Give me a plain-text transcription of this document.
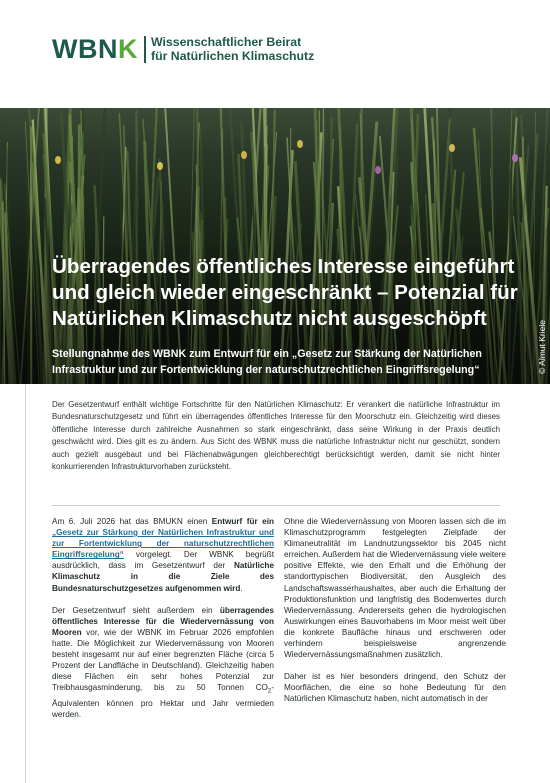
WBNK Wissenschaftlicher Beirat
für Natürlichen Klimaschutz
Überragendes öffentliches Interesse eingeführt
und gleich wieder eingeschränkt – Potenzial für
Natürlichen Klimaschutz nicht ausgeschöpft
Stellungnahme des WBNK zum Entwurf für ein „Gesetz zur Stärkung der Natürlichen
Infrastruktur und zur Fortentwicklung der naturschutzrechtlichen Eingriffsregelung“	© Almut Kriele
Der Gesetzentwurf enthält wichtige Fortschritte für den Natürlichen Klimaschutz: Er verankert die natürliche Infrastruktur im Bundesnaturschutzgesetz und führt ein überragendes öffentliches Interesse für den Moorschutz ein. Gleichzeitig wird dieses öffentliche Interesse durch zahlreiche Ausnahmen so stark eingeschränkt, dass seine Wirkung in der Praxis deutlich geschwächt wird. Dies gilt es zu ändern. Aus Sicht des WBNK muss die natürliche Infrastruktur nicht nur geschützt, sondern auch gezielt ausgebaut und bei Flächenabwägungen gleichberechtigt berücksichtigt werden, damit sie nicht hinter konkurrierenden Infrastrukturvorhaben zurücksteht.

Am 6. Juli 2026 hat das BMUKN einen Entwurf für ein „Gesetz zur Stärkung der Natürlichen Infrastruktur und zur Fortentwicklung der naturschutzrechtlichen Eingriffsregelung“ vorgelegt. Der WBNK begrüßt ausdrücklich, dass im Gesetzentwurf der Natürliche Klimaschutz in die Ziele des Bundesnaturschutzgesetzes aufgenommen wird.

Der Gesetzentwurf sieht außerdem ein überragendes öffentliches Interesse für die Wiedervernässung von Mooren vor, wie der WBNK im Februar 2026 empfohlen hatte. Die Möglichkeit zur Wiedervernässung von Mooren besteht insgesamt nur auf einer begrenzten Fläche (circa 5 Prozent der Landfläche in Deutschland). Gleichzeitig haben diese Flächen ein sehr hohes Potenzial zur Treibhausgasminderung, bis zu 50 Tonnen $CO_2$-Äquivalenten können pro Hektar und Jahr vermieden werden.

Ohne die Wiedervernässung von Mooren lassen sich die im Klimaschutzprogramm festgelegten Zielpfade der Klimaneutralität im Landnutzungssektor bis 2045 nicht erreichen. Außerdem hat die Wiedervernässung viele weitere positive Effekte, wie den Erhalt und die Erhöhung der standorttypischen Biodiversität, den Ausgleich des Landschaftswasserhaushaltes, aber auch die Erhaltung der Produktionsfunktion und langfristig des Bodenwertes durch Wiedervernässung. Andererseits gehen die hydrologischen Auswirkungen eines Bauvorhabens im Moor meist weit über die konkrete Baufläche hinaus und erschweren oder verhindern beispielsweise angrenzende Wiedervernässungsmaßnahmen zusätzlich.

Daher ist es hier besonders dringend, den Schutz der Moorflächen, die eine so hohe Bedeutung für den Natürlichen Klimaschutz haben, nicht automatisch in der
